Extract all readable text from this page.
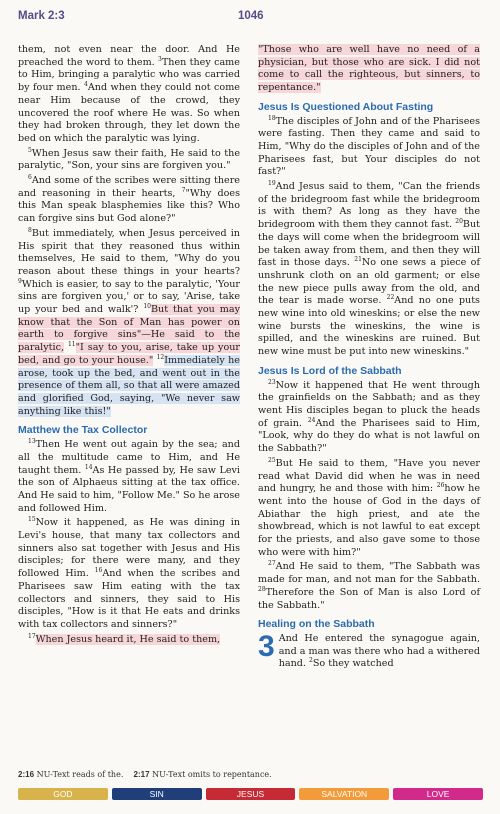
Mark 2:3	1046

them, not even near the door. And He preached the word to them. $^3$Then they came to Him, bringing a paralytic who was carried by four men. $^4$And when they could not come near Him because of the crowd, they uncovered the roof where He was. So when they had broken through, they let down the bed on which the paralytic was lying.

$^5$When Jesus saw their faith, He said to the paralytic, "Son, your sins are forgiven you."

$^6$And some of the scribes were sitting there and reasoning in their hearts, $^7$"Why does this Man speak blasphemies like this? Who can forgive sins but God alone?"

$^8$But immediately, when Jesus perceived in His spirit that they reasoned thus within themselves, He said to them, "Why do you reason about these things in your hearts? $^9$Which is easier, to say to the paralytic, 'Your sins are forgiven you,' or to say, 'Arise, take up your bed and walk'? $^{10}$But that you may know that the Son of Man has power on earth to forgive sins"—He said to the paralytic, $^{11}$"I say to you, arise, take up your bed, and go to your house." $^{12}$Immediately he arose, took up the bed, and went out in the presence of them all, so that all were amazed and glorified God, saying, "We never saw anything like this!"

Matthew the Tax Collector

$^{13}$Then He went out again by the sea; and all the multitude came to Him, and He taught them. $^{14}$As He passed by, He saw Levi the son of Alphaeus sitting at the tax office. And He said to him, "Follow Me." So he arose and followed Him.

$^{15}$Now it happened, as He was dining in Levi's house, that many tax collectors and sinners also sat together with Jesus and His disciples; for there were many, and they followed Him. $^{16}$And when the scribes and Pharisees saw Him eating with the tax collectors and sinners, they said to His disciples, "How is it that He eats and drinks with tax collectors and sinners?"

$^{17}$When Jesus heard it, He said to them,

"Those who are well have no need of a physician, but those who are sick. I did not come to call the righteous, but sinners, to repentance."

Jesus Is Questioned About Fasting

$^{18}$The disciples of John and of the Pharisees were fasting. Then they came and said to Him, "Why do the disciples of John and of the Pharisees fast, but Your disciples do not fast?"

$^{19}$And Jesus said to them, "Can the friends of the bridegroom fast while the bridegroom is with them? As long as they have the bridegroom with them they cannot fast. $^{20}$But the days will come when the bridegroom will be taken away from them, and then they will fast in those days. $^{21}$No one sews a piece of unshrunk cloth on an old garment; or else the new piece pulls away from the old, and the tear is made worse. $^{22}$And no one puts new wine into old wineskins; or else the new wine bursts the wineskins, the wine is spilled, and the wineskins are ruined. But new wine must be put into new wineskins."

Jesus Is Lord of the Sabbath

$^{23}$Now it happened that He went through the grainfields on the Sabbath; and as they went His disciples began to pluck the heads of grain. $^{24}$And the Pharisees said to Him, "Look, why do they do what is not lawful on the Sabbath?"

$^{25}$But He said to them, "Have you never read what David did when he was in need and hungry, he and those with him: $^{26}$how he went into the house of God in the days of Abiathar the high priest, and ate the showbread, which is not lawful to eat except for the priests, and also gave some to those who were with him?"

$^{27}$And He said to them, "The Sabbath was made for man, and not man for the Sabbath. $^{28}$Therefore the Son of Man is also Lord of the Sabbath."

Healing on the Sabbath

3 And He entered the synagogue again, and a man was there who had a withered hand. $^2$So they watched

2:16 NU-Text reads of the. 2:17 NU-Text omits to repentance.
GOD	SIN	JESUS	SALVATION	LOVE
